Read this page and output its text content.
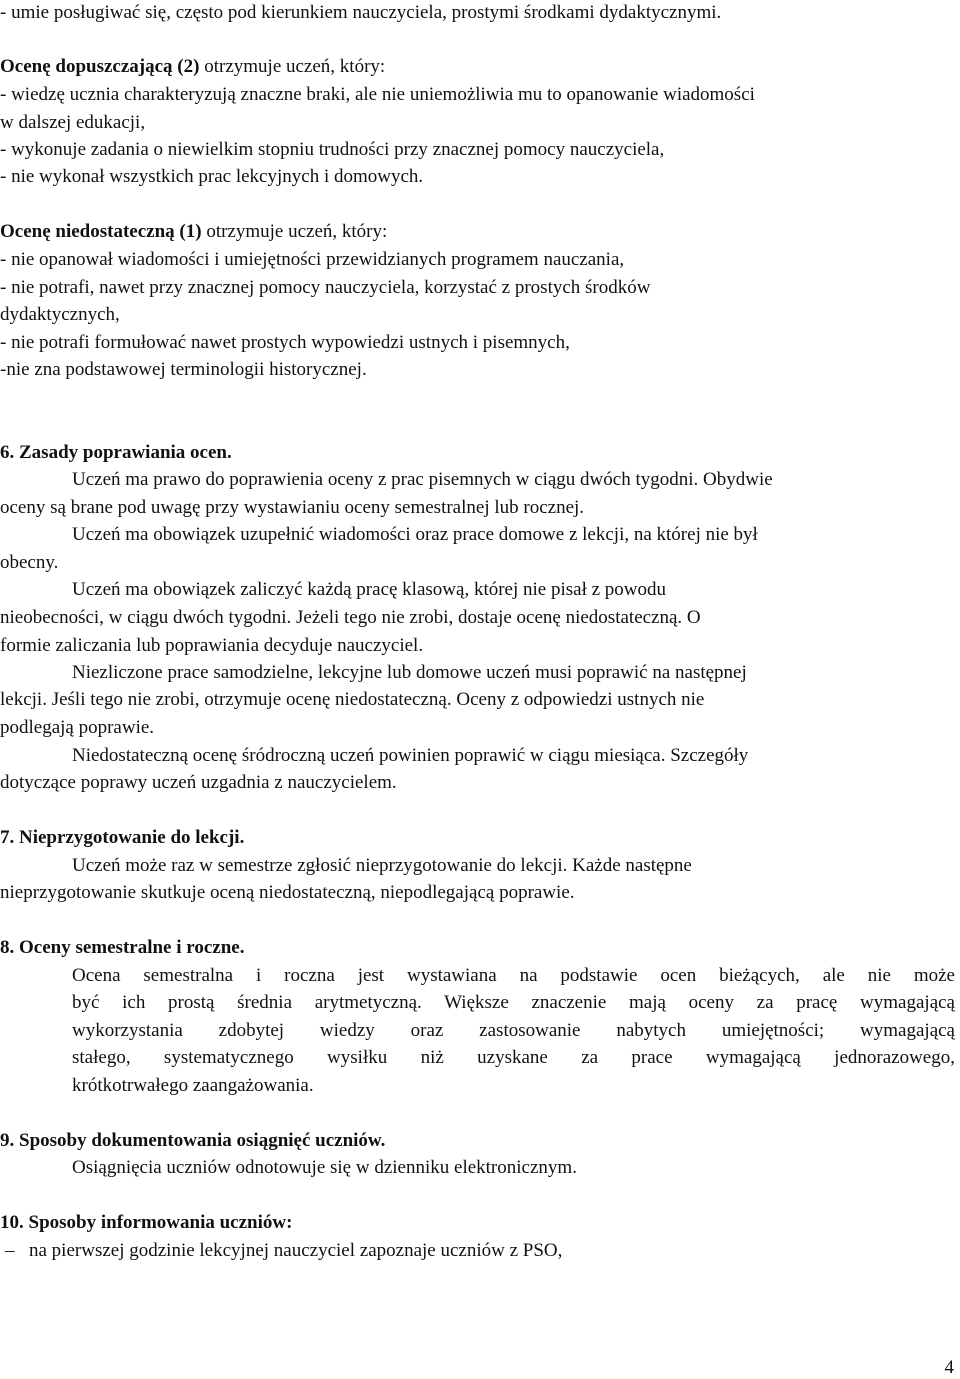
- umie posługiwać się, często pod kierunkiem nauczyciela, prostymi środkami dydaktycznymi.
Ocenę dopuszczającą (2) otrzymuje uczeń, który:
- wiedzę ucznia charakteryzują znaczne braki, ale nie uniemożliwia mu to opanowanie wiadomości
w dalszej edukacji,
- wykonuje zadania o niewielkim stopniu trudności przy znacznej pomocy nauczyciela,
- nie wykonał wszystkich prac lekcyjnych i domowych.
Ocenę niedostateczną (1) otrzymuje uczeń, który:
- nie opanował wiadomości i umiejętności przewidzianych programem nauczania,
- nie potrafi, nawet przy znacznej pomocy nauczyciela, korzystać z prostych środków
dydaktycznych,
- nie potrafi formułować nawet prostych wypowiedzi ustnych i pisemnych,
-nie zna podstawowej terminologii historycznej.
6. Zasady poprawiania ocen.
Uczeń ma prawo do poprawienia oceny z prac pisemnych w ciągu dwóch tygodni. Obydwie
oceny są brane pod uwagę przy wystawianiu oceny semestralnej lub rocznej.
Uczeń ma obowiązek uzupełnić wiadomości oraz prace domowe z lekcji, na której nie był
obecny.
Uczeń ma obowiązek zaliczyć każdą pracę klasową, której nie pisał z powodu
nieobecności, w ciągu dwóch tygodni. Jeżeli tego nie zrobi, dostaje ocenę niedostateczną. O
formie zaliczania lub poprawiania decyduje nauczyciel.
Niezliczone prace samodzielne, lekcyjne lub domowe uczeń musi poprawić na następnej
lekcji. Jeśli tego nie zrobi, otrzymuje ocenę niedostateczną. Oceny z odpowiedzi ustnych nie
podlegają poprawie.
Niedostateczną ocenę śródroczną uczeń powinien poprawić w ciągu miesiąca. Szczegóły
dotyczące poprawy uczeń uzgadnia z nauczycielem.
7. Nieprzygotowanie do lekcji.
Uczeń może raz w semestrze zgłosić nieprzygotowanie do lekcji. Każde następne
nieprzygotowanie skutkuje oceną niedostateczną, niepodlegającą poprawie.
8. Oceny semestralne i roczne.
Ocena semestralna i roczna jest wystawiana na podstawie ocen bieżących, ale nie może
być ich prostą średnia arytmetyczną. Większe znaczenie mają oceny za pracę wymagającą
wykorzystania zdobytej wiedzy oraz zastosowanie nabytych umiejętności; wymagającą
stałego, systematycznego wysiłku niż uzyskane za prace wymagającą jednorazowego,
krótkotrwałego zaangażowania.
9. Sposoby dokumentowania osiągnięć uczniów.
Osiągnięcia uczniów odnotowuje się w dzienniku elektronicznym.
10. Sposoby informowania uczniów:
– na pierwszej godzinie lekcyjnej nauczyciel zapoznaje uczniów z PSO,
4
